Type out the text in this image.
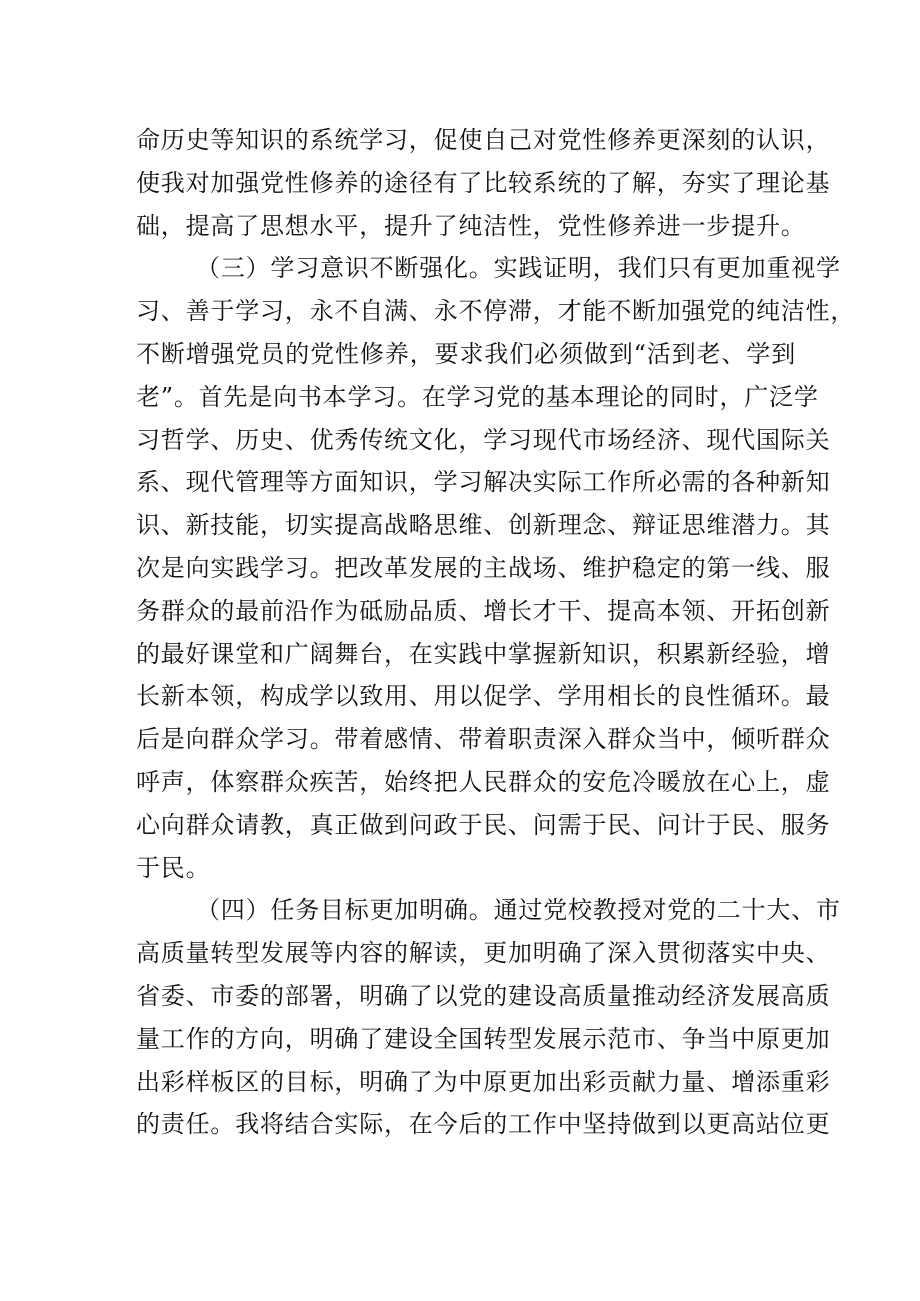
命历史等知识的系统学习，促使自己对党性修养更深刻的认识，
使我对加强党性修养的途径有了比较系统的了解，夯实了理论基
础，提高了思想水平，提升了纯洁性，党性修养进一步提升。
（三）学习意识不断强化。实践证明，我们只有更加重视学
习、善于学习，永不自满、永不停滞，才能不断加强党的纯洁性，
不断增强党员的党性修养，要求我们必须做到“活到老、学到
老”。首先是向书本学习。在学习党的基本理论的同时，广泛学
习哲学、历史、优秀传统文化，学习现代市场经济、现代国际关
系、现代管理等方面知识，学习解决实际工作所必需的各种新知
识、新技能，切实提高战略思维、创新理念、辩证思维潜力。其
次是向实践学习。把改革发展的主战场、维护稳定的第一线、服
务群众的最前沿作为砥励品质、增长才干、提高本领、开拓创新
的最好课堂和广阔舞台，在实践中掌握新知识，积累新经验，增
长新本领，构成学以致用、用以促学、学用相长的良性循环。最
后是向群众学习。带着感情、带着职责深入群众当中，倾听群众
呼声，体察群众疾苦，始终把人民群众的安危冷暖放在心上，虚
心向群众请教，真正做到问政于民、问需于民、问计于民、服务
于民。
（四）任务目标更加明确。通过党校教授对党的二十大、市
高质量转型发展等内容的解读，更加明确了深入贯彻落实中央、
省委、市委的部署，明确了以党的建设高质量推动经济发展高质
量工作的方向，明确了建设全国转型发展示范市、争当中原更加
出彩样板区的目标，明确了为中原更加出彩贡献力量、增添重彩
的责任。我将结合实际，在今后的工作中坚持做到以更高站位更
